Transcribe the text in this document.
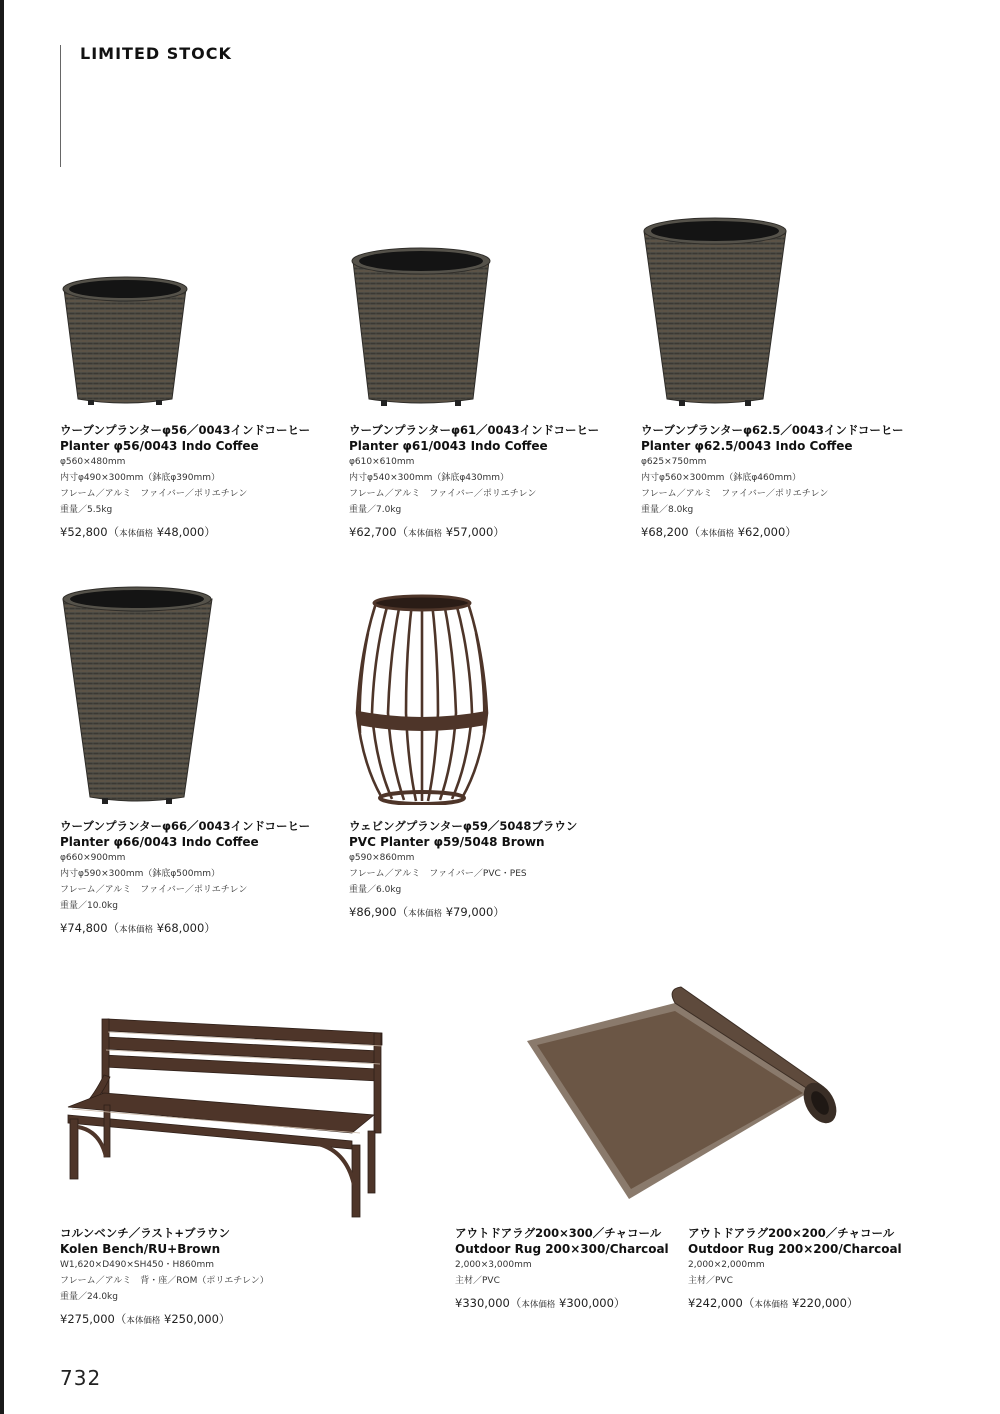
LIMITED STOCK
ウーブンプランターφ56／0043インドコーヒー
Planter φ56/0043 Indo Coffee
φ560×480mm
内寸φ490×300mm（鉢底φ390mm）
フレーム／アルミ　ファイバー／ポリエチレン
重量／5.5kg
¥52,800（本体価格 ¥48,000）
ウーブンプランターφ61／0043インドコーヒー
Planter φ61/0043 Indo Coffee
φ610×610mm
内寸φ540×300mm（鉢底φ430mm）
フレーム／アルミ　ファイバー／ポリエチレン
重量／7.0kg
¥62,700（本体価格 ¥57,000）
ウーブンプランターφ62.5／0043インドコーヒー
Planter φ62.5/0043 Indo Coffee
φ625×750mm
内寸φ560×300mm（鉢底φ460mm）
フレーム／アルミ　ファイバー／ポリエチレン
重量／8.0kg
¥68,200（本体価格 ¥62,000）
ウーブンプランターφ66／0043インドコーヒー
Planter φ66/0043 Indo Coffee
φ660×900mm
内寸φ590×300mm（鉢底φ500mm）
フレーム／アルミ　ファイバー／ポリエチレン
重量／10.0kg
¥74,800（本体価格 ¥68,000）
ウェビングプランターφ59／5048ブラウン
PVC Planter φ59/5048 Brown
φ590×860mm
フレーム／アルミ　ファイバー／PVC・PES
重量／6.0kg
¥86,900（本体価格 ¥79,000）
コルンベンチ／ラスト+ブラウン
Kolen Bench/RU+Brown
W1,620×D490×SH450・H860mm
フレーム／アルミ　背・座／ROM（ポリエチレン）
重量／24.0kg
¥275,000（本体価格 ¥250,000）
アウトドアラグ200×300／チャコール
Outdoor Rug 200×300/Charcoal
2,000×3,000mm
主材／PVC
¥330,000（本体価格 ¥300,000）
アウトドアラグ200×200／チャコール
Outdoor Rug 200×200/Charcoal
2,000×2,000mm
主材／PVC
¥242,000（本体価格 ¥220,000）
732
